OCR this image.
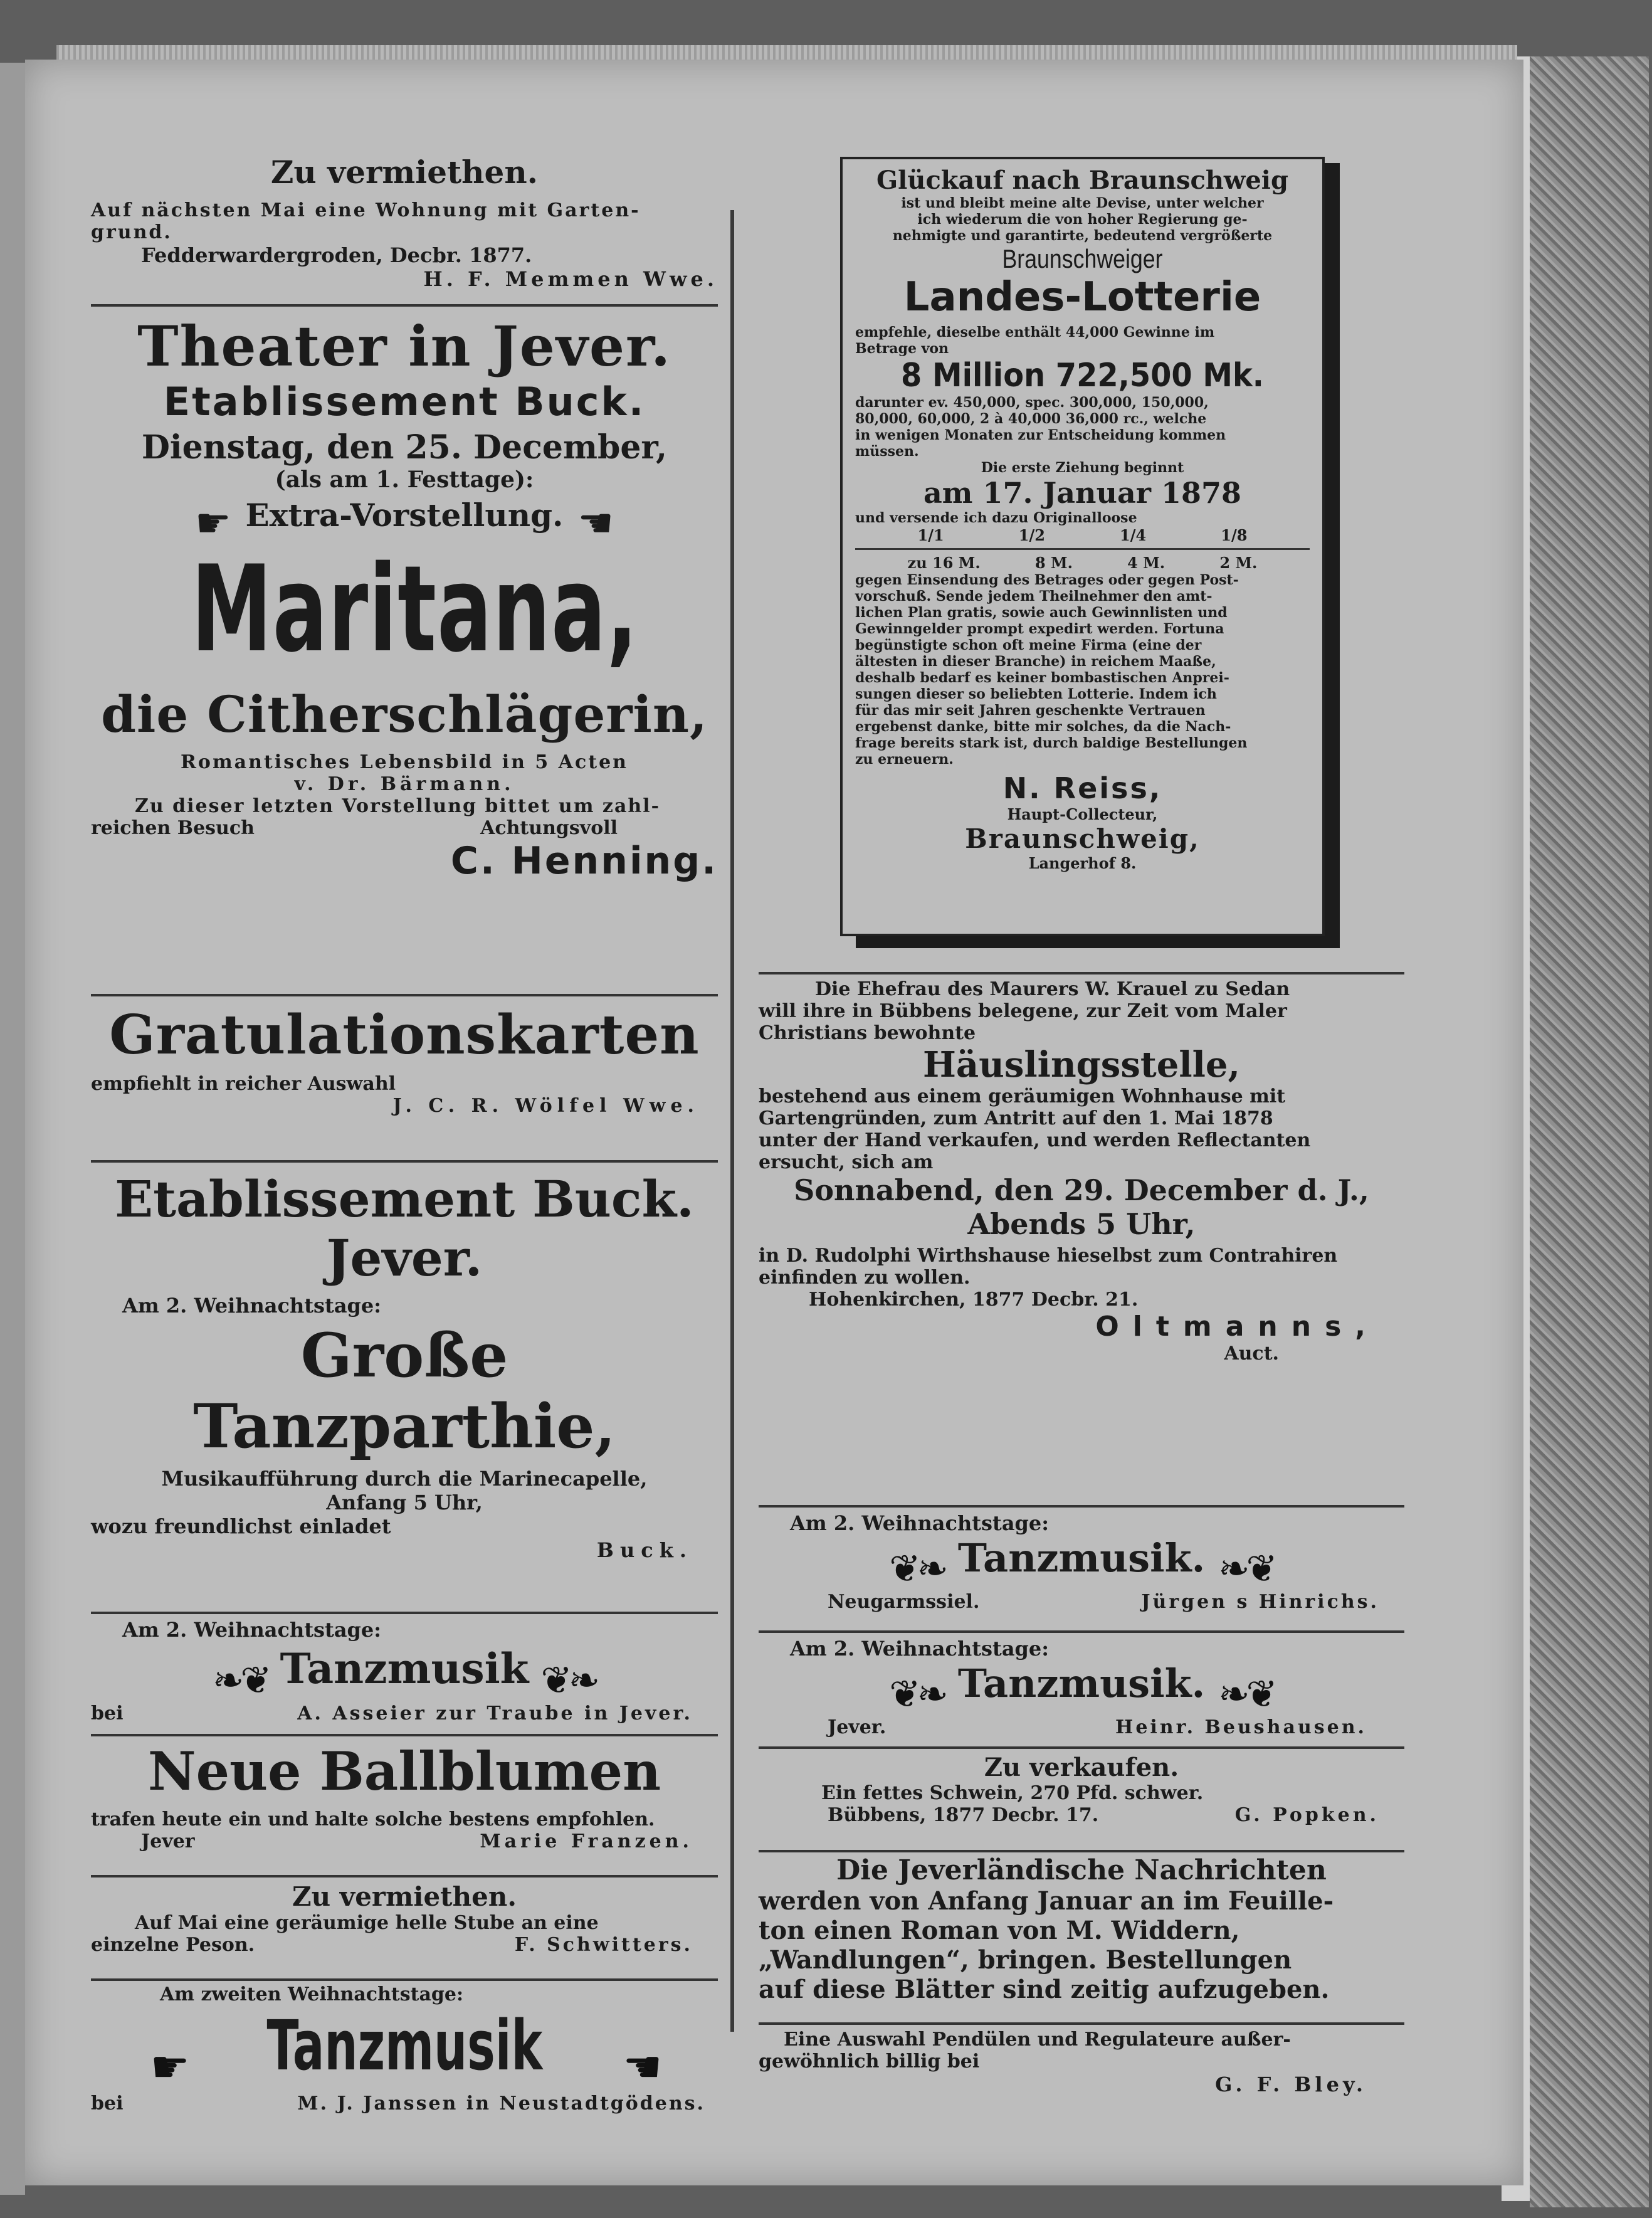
Zu vermiethen.
Auf nächsten Mai eine Wohnung mit Garten-
grund.
Fedderwardergroden, Decbr. 1877.
H. F. Memmen Wwe.
Theater in Jever.
Etablissement Buck.
Dienstag, den 25. December,
(als am 1. Festtage):
☛ Extra-Vorstellung. ☚
Maritana,
die Citherschlägerin,
Romantisches Lebensbild in 5 Acten
v. Dr. Bärmann.
Zu dieser letzten Vorstellung bittet um zahl-
reichen Besuch	Achtungsvoll
C. Henning.
Gratulationskarten
empfiehlt in reicher Auswahl
J. C. R. Wölfel Wwe.
Etablissement Buck.
Jever.
Am 2. Weihnachtstage:
Große Tanzparthie,
Musikaufführung durch die Marinecapelle,
Anfang 5 Uhr,
wozu freundlichst einladet
Buck.
Am 2. Weihnachtstage:
❧❦ Tanzmusik ❦❧
bei	A. Asseier zur Traube in Jever.
Neue Ballblumen
trafen heute ein und halte solche bestens empfohlen.
Jever	Marie Franzen.
Zu vermiethen.
Auf Mai eine geräumige helle Stube an eine
einzelne Peson.	F. Schwitters.
Am zweiten Weihnachtstage:
☛ Tanzmusik ☚
bei	M. J. Janssen in Neustadtgödens.
Glückauf nach Braunschweig
ist und bleibt meine alte Devise, unter welcher
ich wiederum die von hoher Regierung ge-
nehmigte und garantirte, bedeutend vergrößerte
Braunschweiger
Landes-Lotterie
empfehle, dieselbe enthält 44,000 Gewinne im
Betrage von
8 Million 722,500 Mk.
darunter ev. 450,000, spec. 300,000, 150,000,
80,000, 60,000, 2 à 40,000 36,000 rc., welche
in wenigen Monaten zur Entscheidung kommen
müssen.
Die erste Ziehung beginnt
am 17. Januar 1878
und versende ich dazu Originalloose
1/1	1/2	1/4	1/8
zu 16 M.	8 M.	4 M.	2 M.
gegen Einsendung des Betrages oder gegen Post-
vorschuß. Sende jedem Theilnehmer den amt-
lichen Plan gratis, sowie auch Gewinnlisten und
Gewinngelder prompt expedirt werden. Fortuna
begünstigte schon oft meine Firma (eine der
ältesten in dieser Branche) in reichem Maaße,
deshalb bedarf es keiner bombastischen Anprei-
sungen dieser so beliebten Lotterie. Indem ich
für das mir seit Jahren geschenkte Vertrauen
ergebenst danke, bitte mir solches, da die Nach-
frage bereits stark ist, durch baldige Bestellungen
zu erneuern.
N. Reiss,
Haupt-Collecteur,
Braunschweig,
Langerhof 8.
Die Ehefrau des Maurers W. Krauel zu Sedan
will ihre in Bübbens belegene, zur Zeit vom Maler
Christians bewohnte
Häuslingsstelle,
bestehend aus einem geräumigen Wohnhause mit
Gartengründen, zum Antritt auf den 1. Mai 1878
unter der Hand verkaufen, und werden Reflectanten
ersucht, sich am
Sonnabend, den 29. December d. J.,
Abends 5 Uhr,
in D. Rudolphi Wirthshause hieselbst zum Contrahiren
einfinden zu wollen.
Hohenkirchen, 1877 Decbr. 21.
Oltmanns,
Auct.
Am 2. Weihnachtstage:
❦❧ Tanzmusik. ❧❦
Neugarmssiel.	Jürgen s Hinrichs.
Am 2. Weihnachtstage:
❦❧ Tanzmusik. ❧❦
Jever.	Heinr. Beushausen.
Zu verkaufen.
Ein fettes Schwein, 270 Pfd. schwer.
Bübbens, 1877 Decbr. 17.	G. Popken.
Die Jeverländische Nachrichten
werden von Anfang Januar an im Feuille-
ton einen Roman von M. Widdern,
„Wandlungen“, bringen. Bestellungen
auf diese Blätter sind zeitig aufzugeben.
Eine Auswahl Pendülen und Regulateure außer-
gewöhnlich billig bei
G. F. Bley.
